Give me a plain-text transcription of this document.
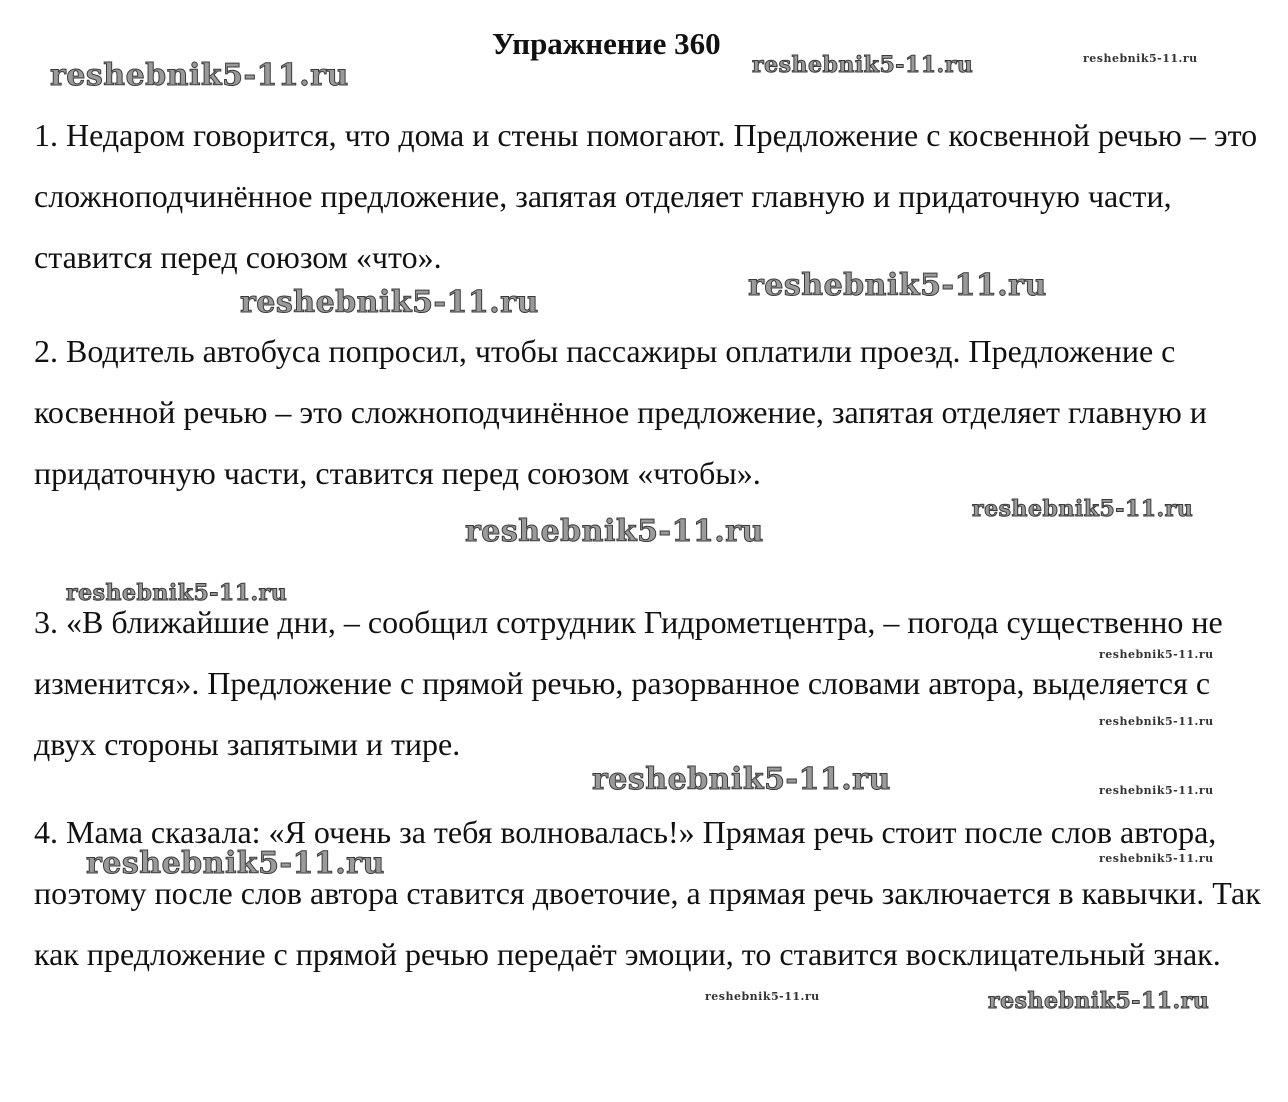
Упражнение 360

1. Недаром говорится, что дома и стены помогают. Предложение с косвенной речью – это сложноподчинённое предложение, запятая отделяет главную и придаточную части, ставится перед союзом «что».

2. Водитель автобуса попросил, чтобы пассажиры оплатили проезд. Предложение с косвенной речью – это сложноподчинённое предложение, запятая отделяет главную и придаточную части, ставится перед союзом «чтобы».

3. «В ближайшие дни, – сообщил сотрудник Гидрометцентра, – погода существенно не изменится». Предложение с прямой речью, разорванное словами автора, выделяется с двух стороны запятыми и тире.

4. Мама сказала: «Я очень за тебя волновалась!» Прямая речь стоит после слов автора, поэтому после слов автора ставится двоеточие, а прямая речь заключается в кавычки. Так как предложение с прямой речью передаёт эмоции, то ставится восклицательный знак.

reshebnik5-11.ru	reshebnik5-11.ru	reshebnik5-11.ru
reshebnik5-11.ru	reshebnik5-11.ru
reshebnik5-11.ru
reshebnik5-11.ru
reshebnik5-11.ru
reshebnik5-11.ru
reshebnik5-11.ru
reshebnik5-11.ru	reshebnik5-11.ru
reshebnik5-11.ru	reshebnik5-11.ru
reshebnik5-11.ru	reshebnik5-11.ru
